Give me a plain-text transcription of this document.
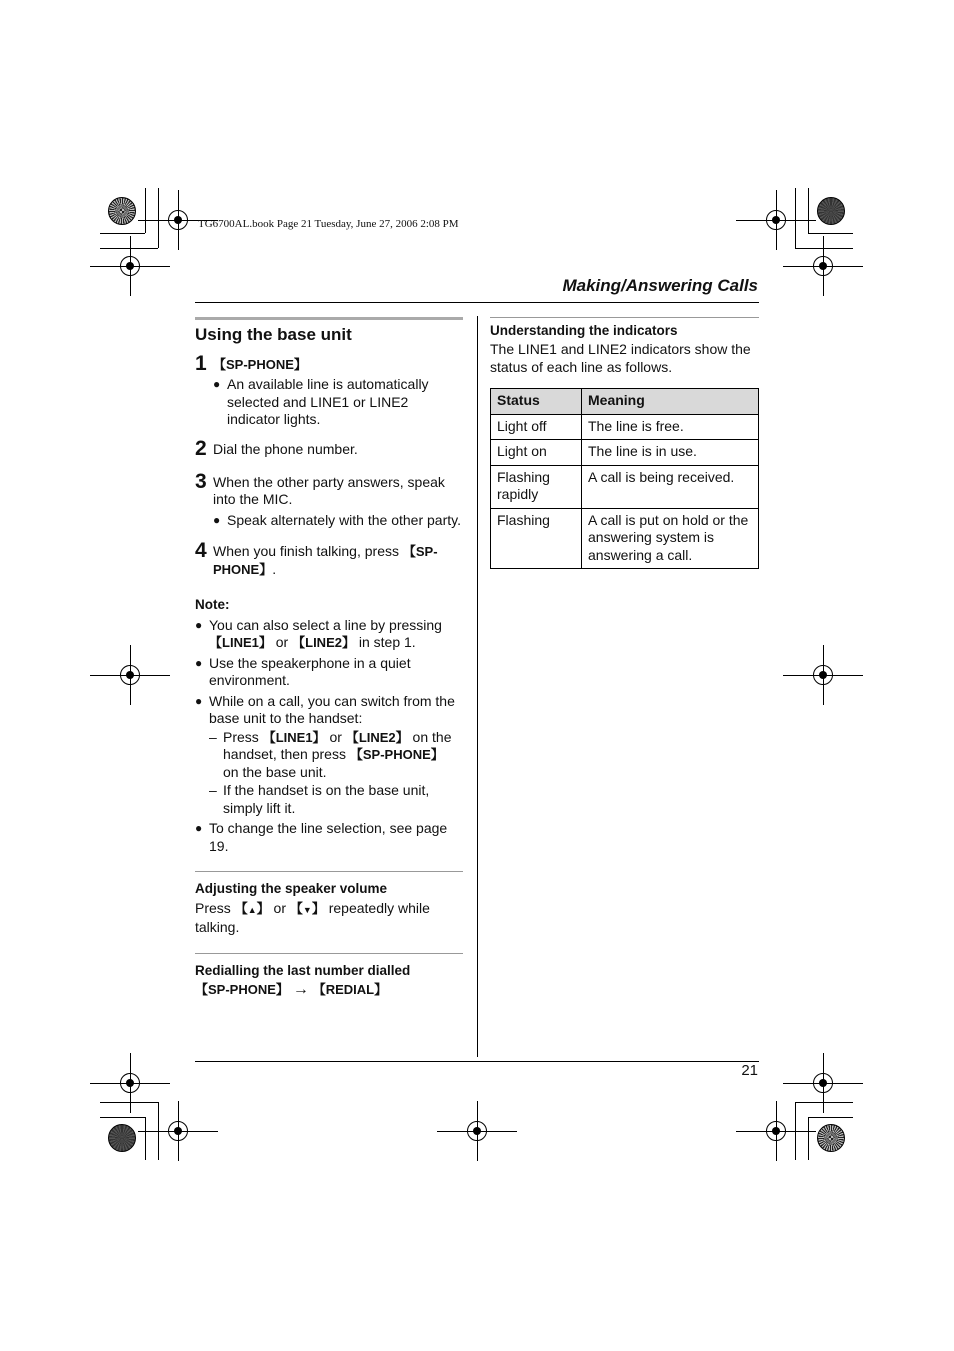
TG6700AL.book Page 21 Tuesday, June 27, 2006 2:08 PM
Making/Answering Calls
21
Using the base unit
1 【SP-PHONE】
● An available line is automatically selected and LINE1 or LINE2 indicator lights.
2 Dial the phone number.
3 When the other party answers, speak into the MIC.
● Speak alternately with the other party.
4 When you finish talking, press 【SP-PHONE】.
Note:
● You can also select a line by pressing 【LINE1】 or 【LINE2】 in step 1.
● Use the speakerphone in a quiet environment.
● While on a call, you can switch from the base unit to the handset:
– Press 【LINE1】 or 【LINE2】 on the handset, then press 【SP-PHONE】 on the base unit.
– If the handset is on the base unit, simply lift it.
● To change the line selection, see page 19.
Adjusting the speaker volume
Press 【▲】 or 【▼】 repeatedly while talking.
Redialling the last number dialled
【SP-PHONE】 → 【REDIAL】
Understanding the indicators
The LINE1 and LINE2 indicators show the status of each line as follows.
Status	Meaning
Light off	The line is free.
Light on	The line is in use.
Flashing rapidly	A call is being received.
Flashing	A call is put on hold or the answering system is answering a call.
